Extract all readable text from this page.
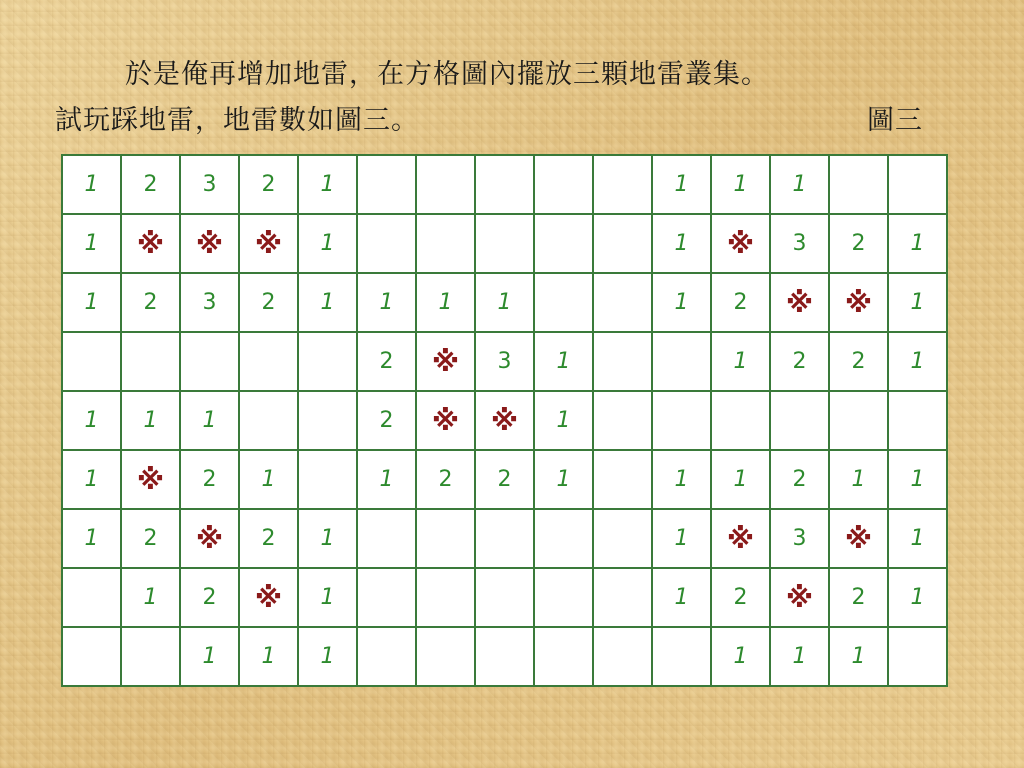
於是俺再增加地雷，在方格圖內擺放三顆地雷叢集。
試玩踩地雷，地雷數如圖三。	圖三
1	2	3	2	1						1	1	1		
1	※	※	※	1						1	※	3	2	1
1	2	3	2	1	1	1	1			1	2	※	※	1
					2	※	3	1			1	2	2	1
1	1	1			2	※	※	1						
1	※	2	1		1	2	2	1		1	1	2	1	1
1	2	※	2	1						1	※	3	※	1
	1	2	※	1						1	2	※	2	1
		1	1	1							1	1	1	
